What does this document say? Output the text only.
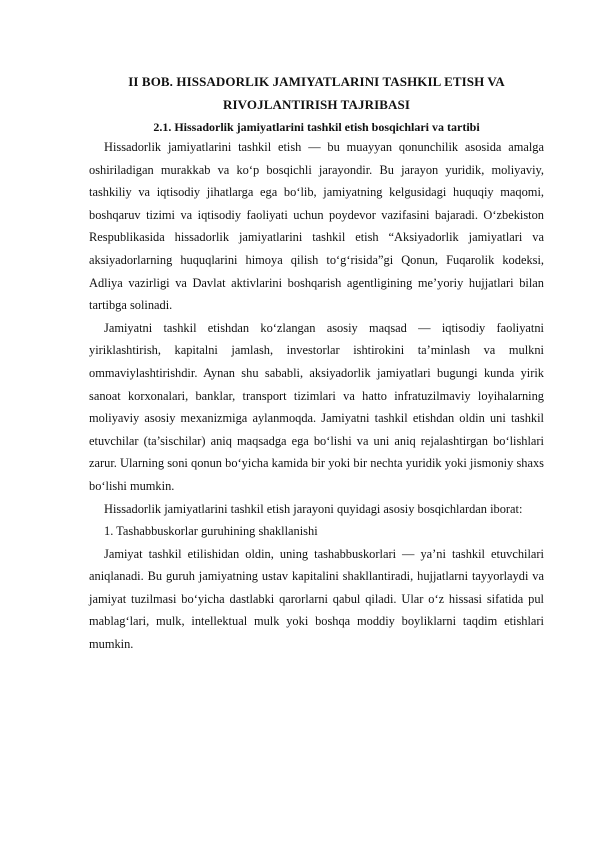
II BOB. HISSADORLIK JAMIYATLARINI TASHKIL ETISH VA
RIVOJLANTIRISH TAJRIBASI
2.1. Hissadorlik jamiyatlarini tashkil etish bosqichlari va tartibi

Hissadorlik jamiyatlarini tashkil etish — bu muayyan qonunchilik asosida amalga oshiriladigan murakkab va ko‘p bosqichli jarayondir. Bu jarayon yuridik, moliyaviy, tashkiliy va iqtisodiy jihatlarga ega bo‘lib, jamiyatning kelgusidagi huquqiy maqomi, boshqaruv tizimi va iqtisodiy faoliyati uchun poydevor vazifasini bajaradi. O‘zbekiston Respublikasida hissadorlik jamiyatlarini tashkil etish “Aksiyadorlik jamiyatlari va aksiyadorlarning huquqlarini himoya qilish to‘g‘risida”gi Qonun, Fuqarolik kodeksi, Adliya vazirligi va Davlat aktivlarini boshqarish agentligining me’yoriy hujjatlari bilan tartibga solinadi.

Jamiyatni tashkil etishdan ko‘zlangan asosiy maqsad — iqtisodiy faoliyatni yiriklashtirish, kapitalni jamlash, investorlar ishtirokini ta’minlash va mulkni ommaviylashtirishdir. Aynan shu sababli, aksiyadorlik jamiyatlari bugungi kunda yirik sanoat korxonalari, banklar, transport tizimlari va hatto infratuzilmaviy loyihalarning moliyaviy asosiy mexanizmiga aylanmoqda. Jamiyatni tashkil etishdan oldin uni tashkil etuvchilar (ta’sischilar) aniq maqsadga ega bo‘lishi va uni aniq rejalashtirgan bo‘lishlari zarur. Ularning soni qonun bo‘yicha kamida bir yoki bir nechta yuridik yoki jismoniy shaxs bo‘lishi mumkin.

Hissadorlik jamiyatlarini tashkil etish jarayoni quyidagi asosiy bosqichlardan iborat:

1. Tashabbuskorlar guruhining shakllanishi

Jamiyat tashkil etilishidan oldin, uning tashabbuskorlari — ya’ni tashkil etuvchilari aniqlanadi. Bu guruh jamiyatning ustav kapitalini shakllantiradi, hujjatlarni tayyorlaydi va jamiyat tuzilmasi bo‘yicha dastlabki qarorlarni qabul qiladi. Ular o‘z hissasi sifatida pul mablag‘lari, mulk, intellektual mulk yoki boshqa moddiy boyliklarni taqdim etishlari mumkin.
